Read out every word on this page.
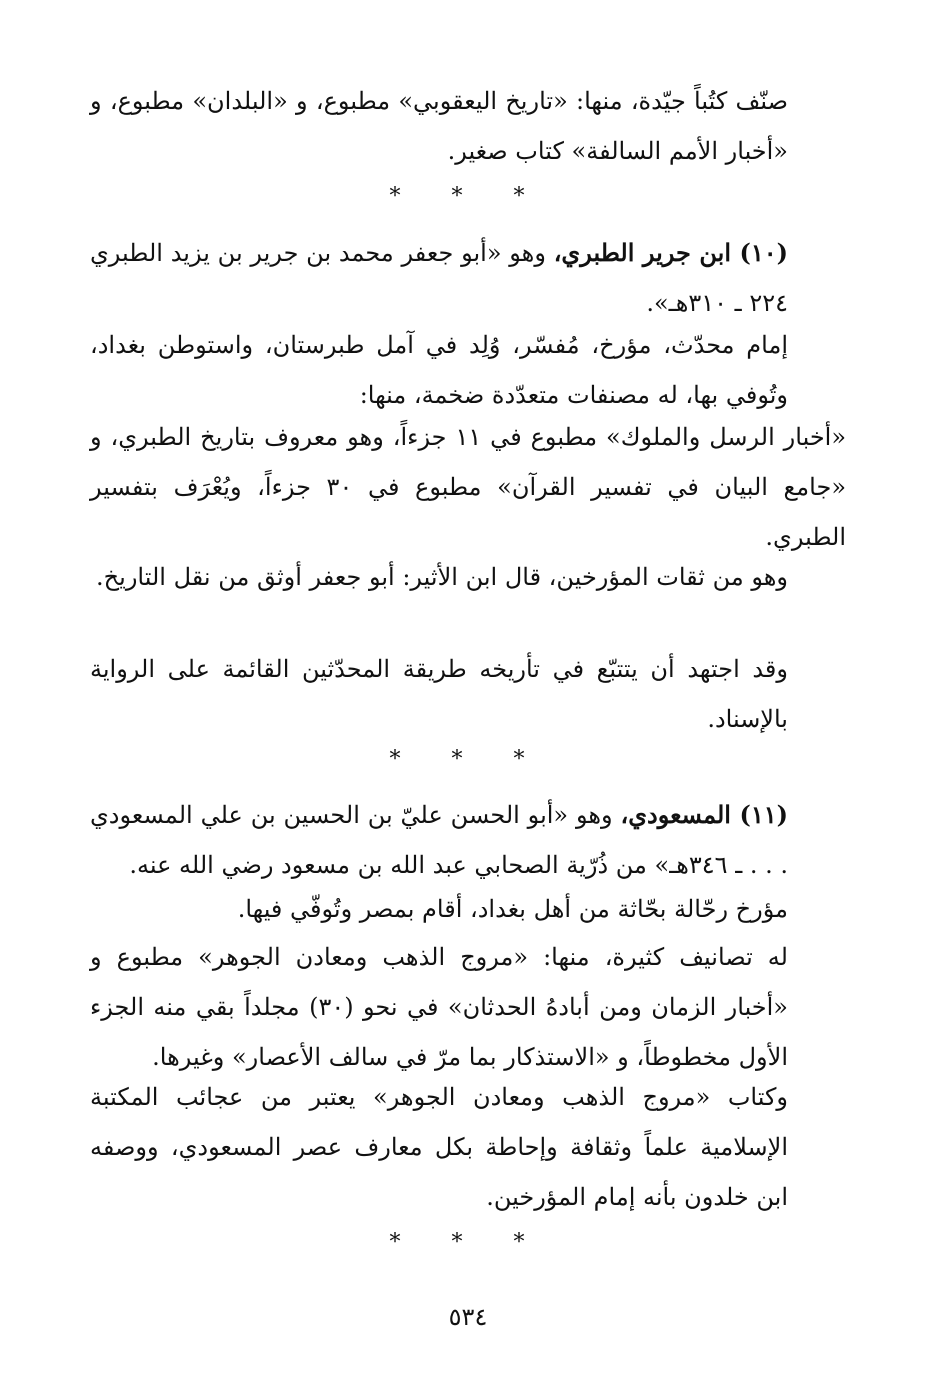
صنّف كتُباً جيّدة، منها: «تاريخ اليعقوبي» مطبوع، و «البلدان» مطبوع، و «أخبار الأمم السالفة» كتاب صغير.

* * *

(١٠) ابن جرير الطبري، وهو «أبو جعفر محمد بن جرير بن يزيد الطبري ٢٢٤ ـ ٣١٠هـ».

إمام محدّث، مؤرخ، مُفسّر، وُلِد في آمل طبرستان، واستوطن بغداد، وتُوفي بها، له مصنفات متعدّدة ضخمة، منها:

«أخبار الرسل والملوك» مطبوع في ١١ جزءاً، وهو معروف بتاريخ الطبري، و «جامع البيان في تفسير القرآن» مطبوع في ٣٠ جزءاً، ويُعْرَف بتفسير الطبري.

وهو من ثقات المؤرخين، قال ابن الأثير: أبو جعفر أوثق من نقل التاريخ.

وقد اجتهد أن يتتبّع في تأريخه طريقة المحدّثين القائمة على الرواية بالإسناد.

* * *

(١١) المسعودي، وهو «أبو الحسن عليّ بن الحسين بن علي المسعودي . . . ـ ٣٤٦هـ» من ذُرّية الصحابي عبد الله بن مسعود رضي الله عنه.

مؤرخ رحّالة بحّاثة من أهل بغداد، أقام بمصر وتُوفّي فيها.

له تصانيف كثيرة، منها: «مروج الذهب ومعادن الجوهر» مطبوع و «أخبار الزمان ومن أبادهُ الحدثان» في نحو (٣٠) مجلداً بقي منه الجزء الأول مخطوطاً، و «الاستذكار بما مرّ في سالف الأعصار» وغيرها.

وكتاب «مروج الذهب ومعادن الجوهر» يعتبر من عجائب المكتبة الإسلامية علماً وثقافة وإحاطة بكل معارف عصر المسعودي، ووصفه ابن خلدون بأنه إمام المؤرخين.

* * *
٥٣٤
